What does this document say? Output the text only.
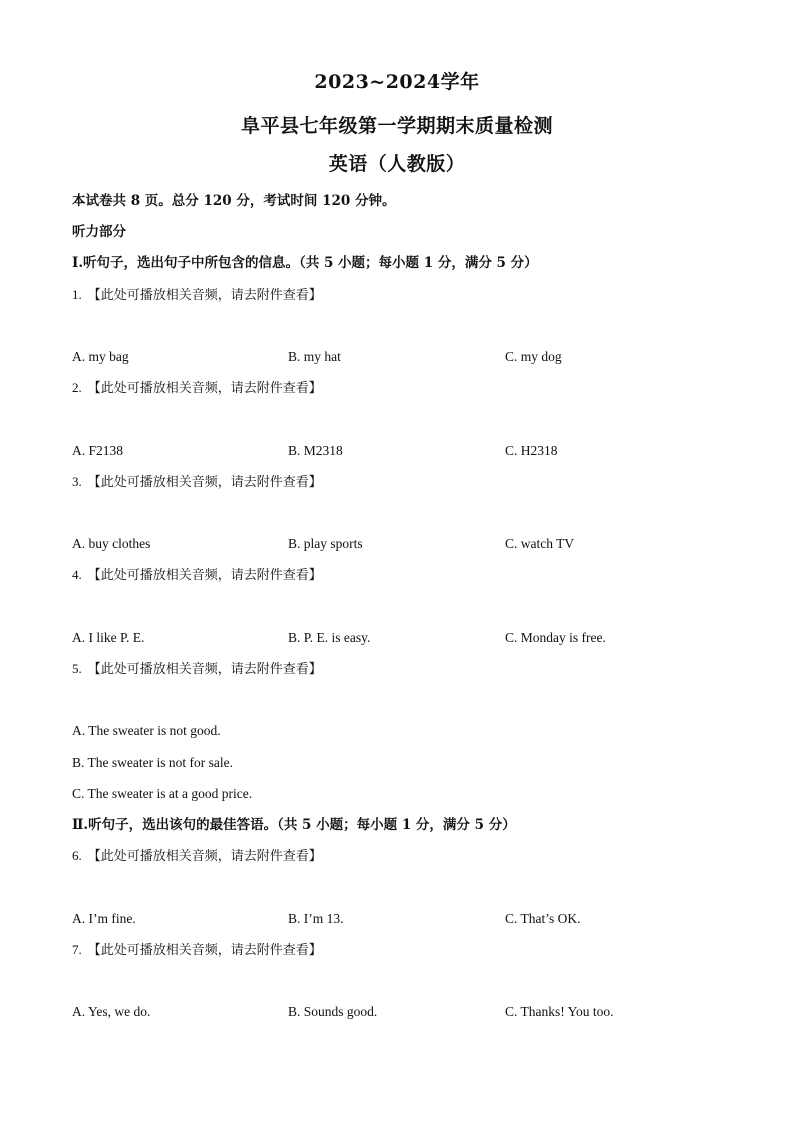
2023~2024学年
阜平县七年级第一学期期末质量检测
英语（人教版）
本试卷共 8 页。总分 120 分，考试时间 120 分钟。
听力部分
Ⅰ.听句子，选出句子中所包含的信息。（共 5 小题；每小题 1 分，满分 5 分）
1. 【此处可播放相关音频，请去附件查看】
A. my bag	B. my hat	C. my dog
2. 【此处可播放相关音频，请去附件查看】
A. F2138	B. M2318	C. H2318
3. 【此处可播放相关音频，请去附件查看】
A. buy clothes	B. play sports	C. watch TV
4. 【此处可播放相关音频，请去附件查看】
A. I like P. E.	B. P. E. is easy.	C. Monday is free.
5. 【此处可播放相关音频，请去附件查看】
A. The sweater is not good.
B. The sweater is not for sale.
C. The sweater is at a good price.
Ⅱ.听句子，选出该句的最佳答语。（共 5 小题；每小题 1 分，满分 5 分）
6. 【此处可播放相关音频，请去附件查看】
A. I’m fine.	B. I’m 13.	C. That’s OK.
7. 【此处可播放相关音频，请去附件查看】
A. Yes, we do.	B. Sounds good.	C. Thanks! You too.
